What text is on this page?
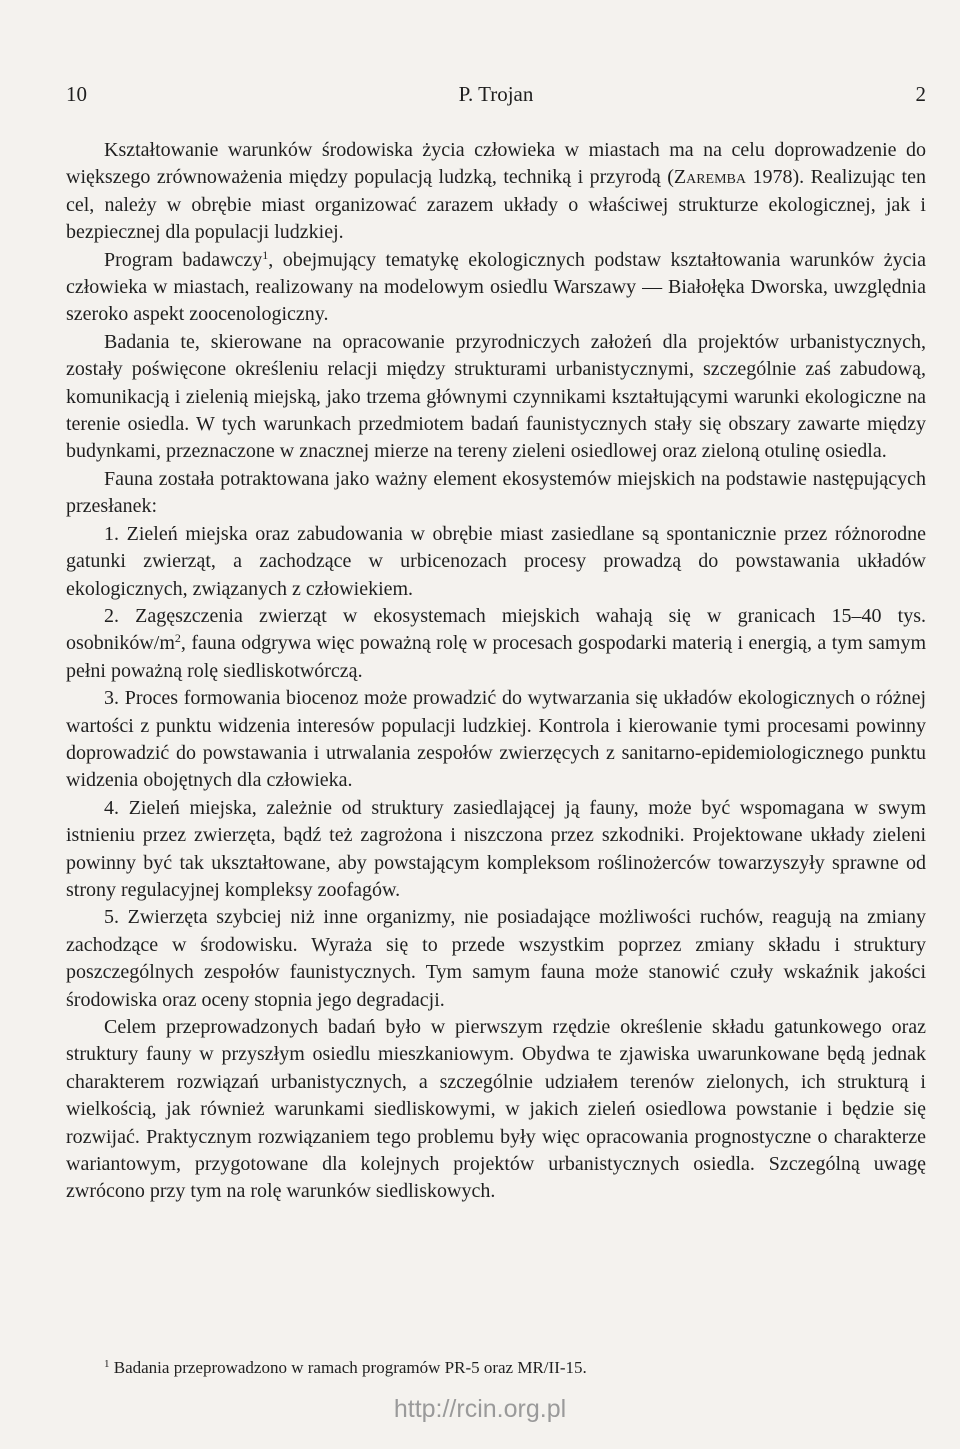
10	P. Trojan	2

Kształtowanie warunków środowiska życia człowieka w miastach ma na celu doprowadzenie do większego zrównoważenia między populacją ludzką, techniką i przyrodą (Zaremba 1978). Realizując ten cel, należy w obrębie miast organizować zarazem układy o właściwej strukturze ekologicznej, jak i bezpiecznej dla populacji ludzkiej.

Program badawczy$^1$, obejmujący tematykę ekologicznych podstaw kształtowania warunków życia człowieka w miastach, realizowany na modelowym osiedlu Warszawy — Białołęka Dworska, uwzględnia szeroko aspekt zoocenologiczny.

Badania te, skierowane na opracowanie przyrodniczych założeń dla projektów urbanistycznych, zostały poświęcone określeniu relacji między strukturami urbanistycznymi, szczególnie zaś zabudową, komunikacją i zielenią miejską, jako trzema głównymi czynnikami kształtującymi warunki ekologiczne na terenie osiedla. W tych warunkach przedmiotem badań faunistycznych stały się obszary zawarte między budynkami, przeznaczone w znacznej mierze na tereny zieleni osiedlowej oraz zieloną otulinę osiedla.

Fauna została potraktowana jako ważny element ekosystemów miejskich na podstawie następujących przesłanek:

1. Zieleń miejska oraz zabudowania w obrębie miast zasiedlane są spontanicznie przez różnorodne gatunki zwierząt, a zachodzące w urbicenozach procesy prowadzą do powstawania układów ekologicznych, związanych z człowiekiem.

2. Zagęszczenia zwierząt w ekosystemach miejskich wahają się w granicach 15–40 tys. osobników/$m^2$, fauna odgrywa więc poważną rolę w procesach gospodarki materią i energią, a tym samym pełni poważną rolę siedliskotwórczą.

3. Proces formowania biocenoz może prowadzić do wytwarzania się układów ekologicznych o różnej wartości z punktu widzenia interesów populacji ludzkiej. Kontrola i kierowanie tymi procesami powinny doprowadzić do powstawania i utrwalania zespołów zwierzęcych z sanitarno-epidemiologicznego punktu widzenia obojętnych dla człowieka.

4. Zieleń miejska, zależnie od struktury zasiedlającej ją fauny, może być wspomagana w swym istnieniu przez zwierzęta, bądź też zagrożona i niszczona przez szkodniki. Projektowane układy zieleni powinny być tak ukształtowane, aby powstającym kompleksom roślinożerców towarzyszyły sprawne od strony regulacyjnej kompleksy zoofagów.

5. Zwierzęta szybciej niż inne organizmy, nie posiadające możliwości ruchów, reagują na zmiany zachodzące w środowisku. Wyraża się to przede wszystkim poprzez zmiany składu i struktury poszczególnych zespołów faunistycznych. Tym samym fauna może stanowić czuły wskaźnik jakości środowiska oraz oceny stopnia jego degradacji.

Celem przeprowadzonych badań było w pierwszym rzędzie określenie składu gatunkowego oraz struktury fauny w przyszłym osiedlu mieszkaniowym. Obydwa te zjawiska uwarunkowane będą jednak charakterem rozwiązań urbanistycznych, a szczególnie udziałem terenów zielonych, ich strukturą i wielkością, jak również warunkami siedliskowymi, w jakich zieleń osiedlowa powstanie i będzie się rozwijać. Praktycznym rozwiązaniem tego problemu były więc opracowania prognostyczne o charakterze wariantowym, przygotowane dla kolejnych projektów urbanistycznych osiedla. Szczególną uwagę zwrócono przy tym na rolę warunków siedliskowych.

$^1$ Badania przeprowadzono w ramach programów PR-5 oraz MR/II-15.
http://rcin.org.pl
